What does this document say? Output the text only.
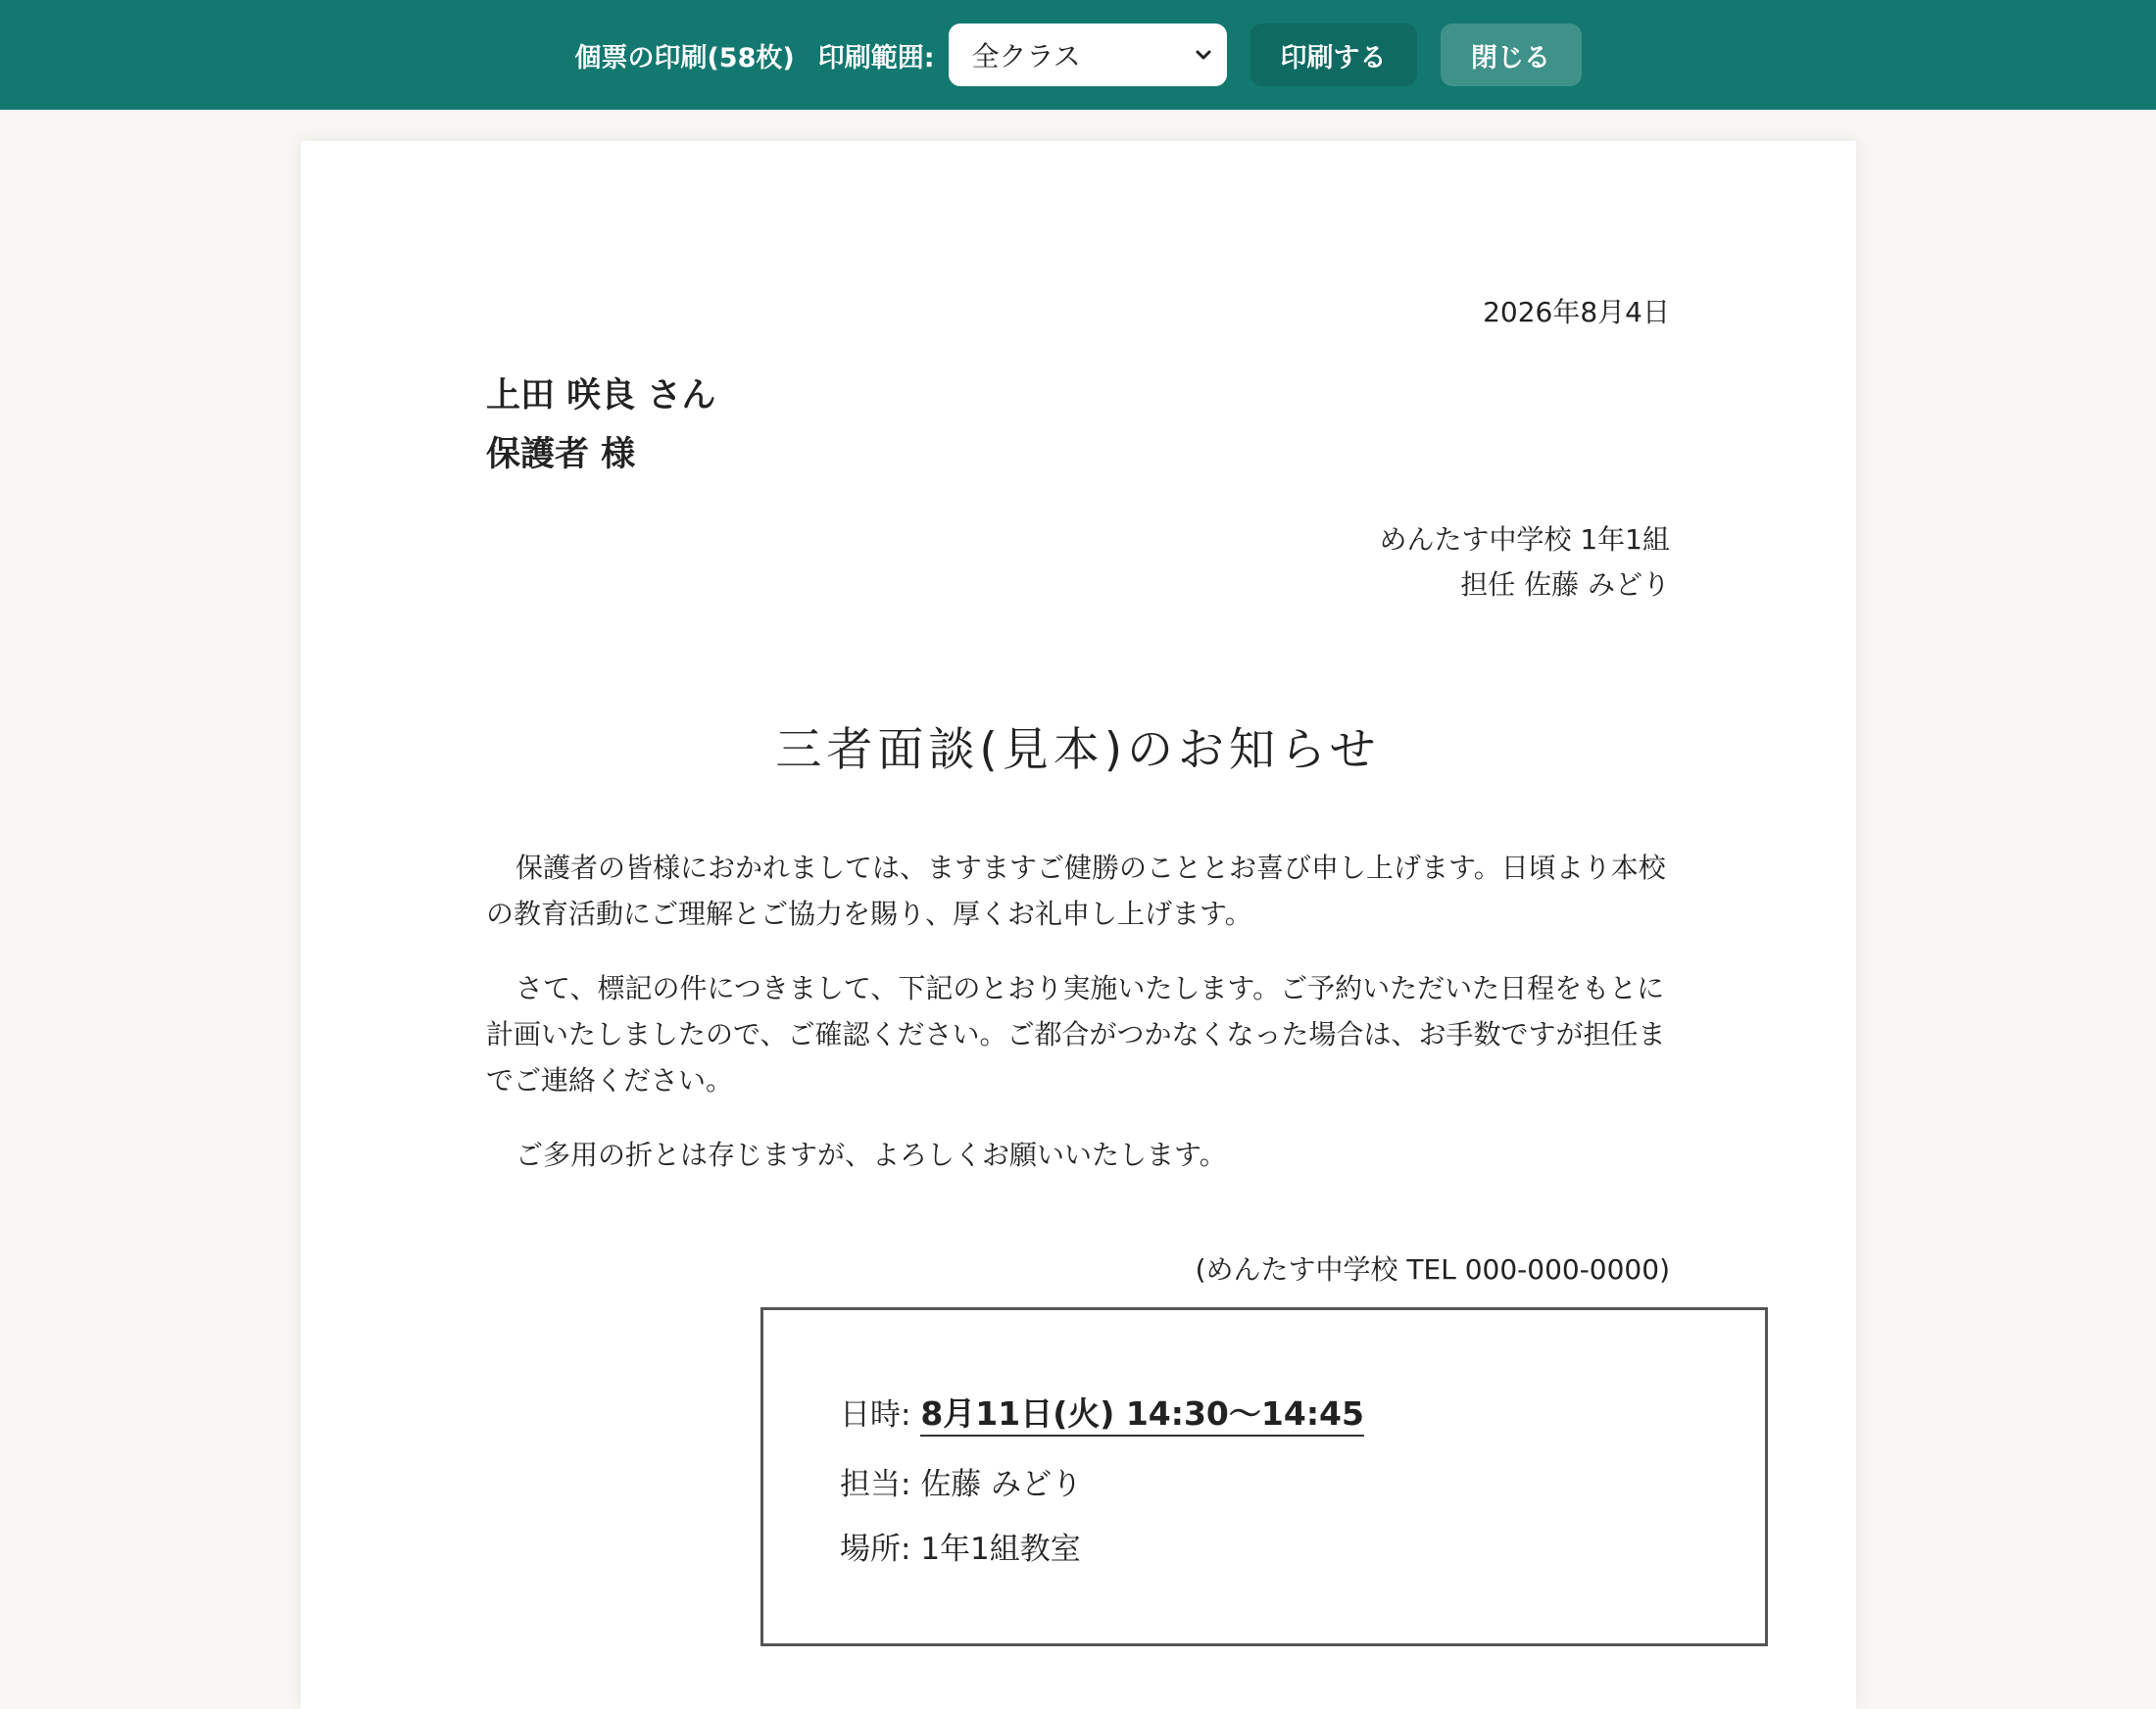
個票の印刷(58枚) 印刷範囲: 全クラス	印刷する	閉じる
2026年8月4日
上田 咲良 さん
保護者 様
めんたす中学校 1年1組
担任 佐藤 みどり
三者面談(見本)のお知らせ

保護者の皆様におかれましては、ますますご健勝のこととお喜び申し上げます。日頃より本校の教育活動にご理解とご協力を賜り、厚くお礼申し上げます。

さて、標記の件につきまして、下記のとおり実施いたします。ご予約いただいた日程をもとに計画いたしましたので、ご確認ください。ご都合がつかなくなった場合は、お手数ですが担任までご連絡ください。

ご多用の折とは存じますが、よろしくお願いいたします。

(めんたす中学校 TEL 000-000-0000)
日時: 8月11日(火) 14:30〜14:45
担当: 佐藤 みどり
場所: 1年1組教室
